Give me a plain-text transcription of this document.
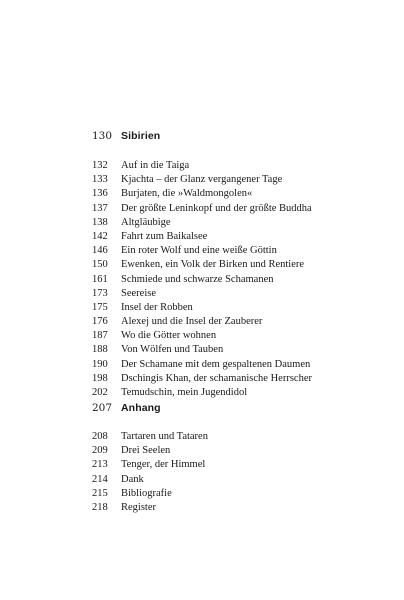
130 Sibirien
132 Auf in die Taiga
133 Kjachta – der Glanz vergangener Tage
136 Burjaten, die »Waldmongolen«
137 Der größte Leninkopf und der größte Buddha
138 Altgläubige
142 Fahrt zum Baikalsee
146 Ein roter Wolf und eine weiße Göttin
150 Ewenken, ein Volk der Birken und Rentiere
161 Schmiede und schwarze Schamanen
173 Seereise
175 Insel der Robben
176 Alexej und die Insel der Zauberer
187 Wo die Götter wohnen
188 Von Wölfen und Tauben
190 Der Schamane mit dem gespaltenen Daumen
198 Dschingis Khan, der schamanische Herrscher
202 Temudschin, mein Jugendidol
207 Anhang
208 Tartaren und Tataren
209 Drei Seelen
213 Tenger, der Himmel
214 Dank
215 Bibliografie
218 Register
